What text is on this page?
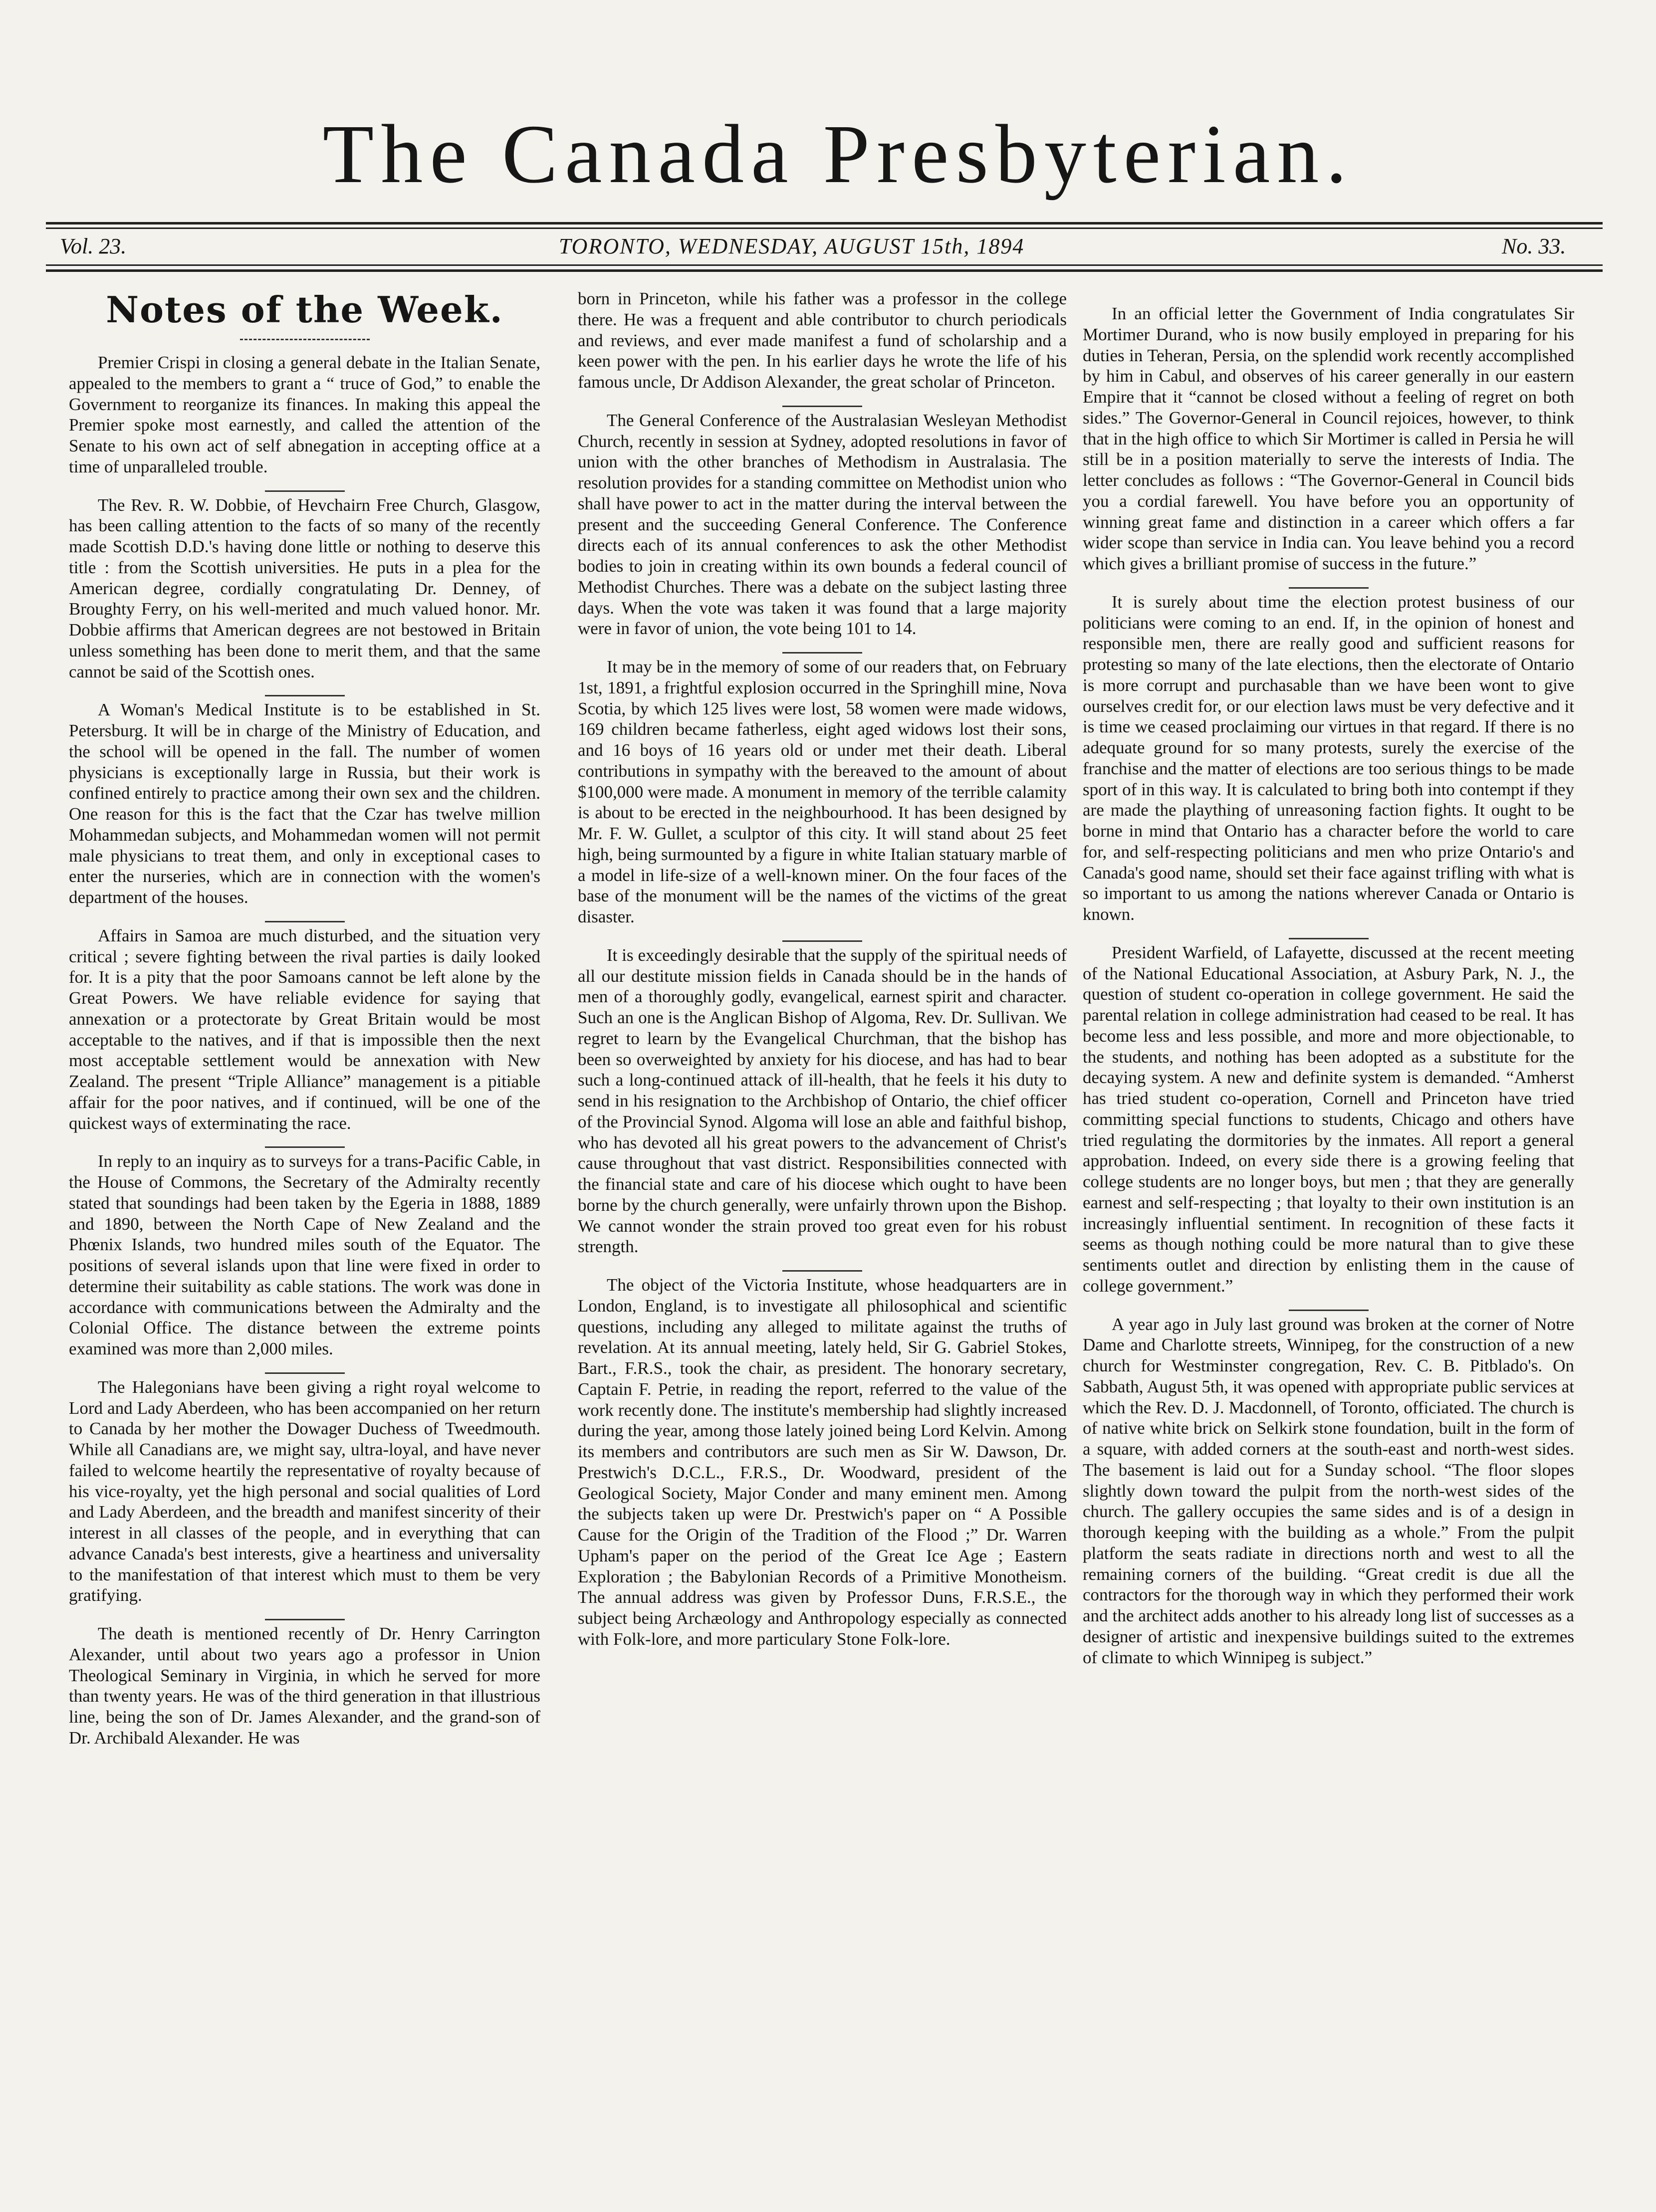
The Canada Presbyterian.
Vol. 23.	TORONTO, WEDNESDAY, AUGUST 15th, 1894	No. 33.
Notes of the Week.

Premier Crispi in closing a general debate in the Italian Senate, appealed to the members to grant a “ truce of God,” to enable the Government to reorganize its finances. In making this appeal the Premier spoke most earnestly, and called the attention of the Senate to his own act of self abnegation in accepting office at a time of unparalleled trouble.

The Rev. R. W. Dobbie, of Hevchairn Free Church, Glasgow, has been calling attention to the facts of so many of the recently made Scottish D.D.'s having done little or nothing to deserve this title : from the Scottish universities. He puts in a plea for the American degree, cordially congratulating Dr. Denney, of Broughty Ferry, on his well-merited and much valued honor. Mr. Dobbie affirms that American degrees are not bestowed in Britain unless something has been done to merit them, and that the same cannot be said of the Scottish ones.

A Woman's Medical Institute is to be established in St. Petersburg. It will be in charge of the Ministry of Education, and the school will be opened in the fall. The number of women physicians is exceptionally large in Russia, but their work is confined entirely to practice among their own sex and the children. One reason for this is the fact that the Czar has twelve million Mohammedan subjects, and Mohammedan women will not permit male physicians to treat them, and only in exceptional cases to enter the nurseries, which are in connection with the women's department of the houses.

Affairs in Samoa are much disturbed, and the situation very critical ; severe fighting between the rival parties is daily looked for. It is a pity that the poor Samoans cannot be left alone by the Great Powers. We have reliable evidence for saying that annexation or a protectorate by Great Britain would be most acceptable to the natives, and if that is impossible then the next most acceptable settlement would be annexation with New Zealand. The present “Triple Alliance” management is a pitiable affair for the poor natives, and if continued, will be one of the quickest ways of exterminating the race.

In reply to an inquiry as to surveys for a trans-Pacific Cable, in the House of Commons, the Secretary of the Admiralty recently stated that soundings had been taken by the Egeria in 1888, 1889 and 1890, between the North Cape of New Zealand and the Phœnix Islands, two hundred miles south of the Equator. The positions of several islands upon that line were fixed in order to determine their suitability as cable stations. The work was done in accordance with communications between the Admiralty and the Colonial Office. The distance between the extreme points examined was more than 2,000 miles.

The Halegonians have been giving a right royal welcome to Lord and Lady Aberdeen, who has been accompanied on her return to Canada by her mother the Dowager Duchess of Tweedmouth. While all Canadians are, we might say, ultra-loyal, and have never failed to welcome heartily the representative of royalty because of his vice-royalty, yet the high personal and social qualities of Lord and Lady Aberdeen, and the breadth and manifest sincerity of their interest in all classes of the people, and in everything that can advance Canada's best interests, give a heartiness and universality to the manifestation of that interest which must to them be very gratifying.

The death is mentioned recently of Dr. Henry Carrington Alexander, until about two years ago a professor in Union Theological Seminary in Virginia, in which he served for more than twenty years. He was of the third generation in that illustrious line, being the son of Dr. James Alexander, and the grand-son of Dr. Archibald Alexander. He was

born in Princeton, while his father was a professor in the college there. He was a frequent and able contributor to church periodicals and reviews, and ever made manifest a fund of scholarship and a keen power with the pen. In his earlier days he wrote the life of his famous uncle, Dr Addison Alexander, the great scholar of Princeton.

The General Conference of the Australasian Wesleyan Methodist Church, recently in session at Sydney, adopted resolutions in favor of union with the other branches of Methodism in Australasia. The resolution provides for a standing committee on Methodist union who shall have power to act in the matter during the interval between the present and the succeeding General Conference. The Conference directs each of its annual conferences to ask the other Methodist bodies to join in creating within its own bounds a federal council of Methodist Churches. There was a debate on the subject lasting three days. When the vote was taken it was found that a large majority were in favor of union, the vote being 101 to 14.

It may be in the memory of some of our readers that, on February 1st, 1891, a frightful explosion occurred in the Springhill mine, Nova Scotia, by which 125 lives were lost, 58 women were made widows, 169 children became fatherless, eight aged widows lost their sons, and 16 boys of 16 years old or under met their death. Liberal contributions in sympathy with the bereaved to the amount of about $100,000 were made. A monument in memory of the terrible calamity is about to be erected in the neighbourhood. It has been designed by Mr. F. W. Gullet, a sculptor of this city. It will stand about 25 feet high, being surmounted by a figure in white Italian statuary marble of a model in life-size of a well-known miner. On the four faces of the base of the monument will be the names of the victims of the great disaster.

It is exceedingly desirable that the supply of the spiritual needs of all our destitute mission fields in Canada should be in the hands of men of a thoroughly godly, evangelical, earnest spirit and character. Such an one is the Anglican Bishop of Algoma, Rev. Dr. Sullivan. We regret to learn by the Evangelical Churchman, that the bishop has been so overweighted by anxiety for his diocese, and has had to bear such a long-continued attack of ill-health, that he feels it his duty to send in his resignation to the Archbishop of Ontario, the chief officer of the Provincial Synod. Algoma will lose an able and faithful bishop, who has devoted all his great powers to the advancement of Christ's cause throughout that vast district. Responsibilities connected with the financial state and care of his diocese which ought to have been borne by the church generally, were unfairly thrown upon the Bishop. We cannot wonder the strain proved too great even for his robust strength.

The object of the Victoria Institute, whose headquarters are in London, England, is to investigate all philosophical and scientific questions, including any alleged to militate against the truths of revelation. At its annual meeting, lately held, Sir G. Gabriel Stokes, Bart., F.R.S., took the chair, as president. The honorary secretary, Captain F. Petrie, in reading the report, referred to the value of the work recently done. The institute's membership had slightly increased during the year, among those lately joined being Lord Kelvin. Among its members and contributors are such men as Sir W. Dawson, Dr. Prestwich's D.C.L., F.R.S., Dr. Woodward, president of the Geological Society, Major Conder and many eminent men. Among the subjects taken up were Dr. Prestwich's paper on “ A Possible Cause for the Origin of the Tradition of the Flood ;” Dr. Warren Upham's paper on the period of the Great Ice Age ; Eastern Exploration ; the Babylonian Records of a Primitive Monotheism. The annual address was given by Professor Duns, F.R.S.E., the subject being Archæology and Anthropology especially as connected with Folk-lore, and more particulary Stone Folk-lore.

In an official letter the Government of India congratulates Sir Mortimer Durand, who is now busily employed in preparing for his duties in Teheran, Persia, on the splendid work recently accomplished by him in Cabul, and observes of his career generally in our eastern Empire that it “cannot be closed without a feeling of regret on both sides.” The Governor-General in Council rejoices, however, to think that in the high office to which Sir Mortimer is called in Persia he will still be in a position materially to serve the interests of India. The letter concludes as follows : “The Governor-General in Council bids you a cordial farewell. You have before you an opportunity of winning great fame and distinction in a career which offers a far wider scope than service in India can. You leave behind you a record which gives a brilliant promise of success in the future.”

It is surely about time the election protest business of our politicians were coming to an end. If, in the opinion of honest and responsible men, there are really good and sufficient reasons for protesting so many of the late elections, then the electorate of Ontario is more corrupt and purchasable than we have been wont to give ourselves credit for, or our election laws must be very defective and it is time we ceased proclaiming our virtues in that regard. If there is no adequate ground for so many protests, surely the exercise of the franchise and the matter of elections are too serious things to be made sport of in this way. It is calculated to bring both into contempt if they are made the plaything of unreasoning faction fights. It ought to be borne in mind that Ontario has a character before the world to care for, and self-respecting politicians and men who prize Ontario's and Canada's good name, should set their face against trifling with what is so important to us among the nations wherever Canada or Ontario is known.

President Warfield, of Lafayette, discussed at the recent meeting of the National Educational Association, at Asbury Park, N. J., the question of student co-operation in college government. He said the parental relation in college administration had ceased to be real. It has become less and less possible, and more and more objectionable, to the students, and nothing has been adopted as a substitute for the decaying system. A new and definite system is demanded. “Amherst has tried student co-operation, Cornell and Princeton have tried committing special functions to students, Chicago and others have tried regulating the dormitories by the inmates. All report a general approbation. Indeed, on every side there is a growing feeling that college students are no longer boys, but men ; that they are generally earnest and self-respecting ; that loyalty to their own institution is an increasingly influential sentiment. In recognition of these facts it seems as though nothing could be more natural than to give these sentiments outlet and direction by enlisting them in the cause of college government.”

A year ago in July last ground was broken at the corner of Notre Dame and Charlotte streets, Winnipeg, for the construction of a new church for Westminster congregation, Rev. C. B. Pitblado's. On Sabbath, August 5th, it was opened with appropriate public services at which the Rev. D. J. Macdonnell, of Toronto, officiated. The church is of native white brick on Selkirk stone foundation, built in the form of a square, with added corners at the south-east and north-west sides. The basement is laid out for a Sunday school. “The floor slopes slightly down toward the pulpit from the north-west sides of the church. The gallery occupies the same sides and is of a design in thorough keeping with the building as a whole.” From the pulpit platform the seats radiate in directions north and west to all the remaining corners of the building. “Great credit is due all the contractors for the thorough way in which they performed their work and the architect adds another to his already long list of successes as a designer of artistic and inexpensive buildings suited to the extremes of climate to which Winnipeg is subject.”
